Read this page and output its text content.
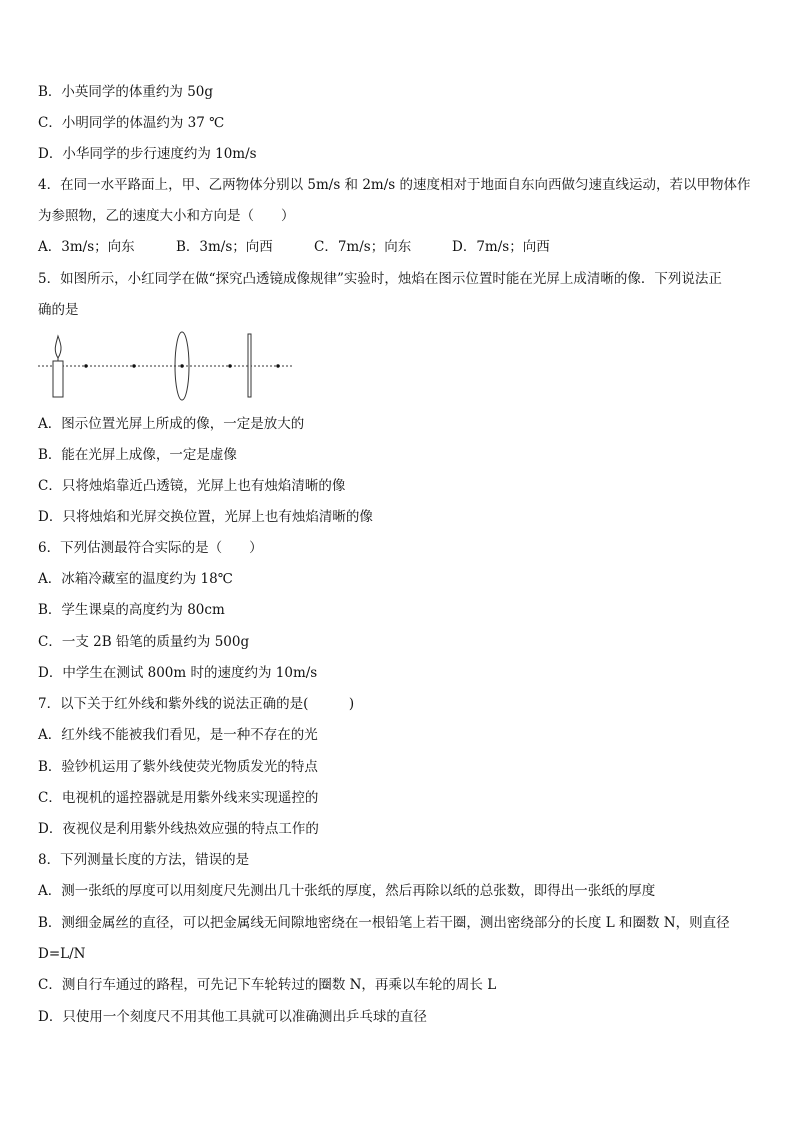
B．小英同学的体重约为 50g
C．小明同学的体温约为 37 ℃
D．小华同学的步行速度约为 10m/s
4．在同一水平路面上，甲、乙两物体分别以 5m/s 和 2m/s 的速度相对于地面自东向西做匀速直线运动，若以甲物体作
为参照物，乙的速度大小和方向是（　　）
A．3m/s；向东	B．3m/s；向西	C．7m/s；向东	D．7m/s；向西
5．如图所示，小红同学在做“探究凸透镜成像规律”实验时，烛焰在图示位置时能在光屏上成清晰的像．下列说法正
确的是
A．图示位置光屏上所成的像，一定是放大的
B．能在光屏上成像，一定是虚像
C．只将烛焰靠近凸透镜，光屏上也有烛焰清晰的像
D．只将烛焰和光屏交换位置，光屏上也有烛焰清晰的像
6．下列估测最符合实际的是（　　）
A．冰箱冷藏室的温度约为 18℃
B．学生课桌的高度约为 80cm
C．一支 2B 铅笔的质量约为 500g
D．中学生在测试 800m 时的速度约为 10m/s
7．以下关于红外线和紫外线的说法正确的是(　　　)
A．红外线不能被我们看见，是一种不存在的光
B．验钞机运用了紫外线使荧光物质发光的特点
C．电视机的遥控器就是用紫外线来实现遥控的
D．夜视仪是利用紫外线热效应强的特点工作的
8．下列测量长度的方法，错误的是
A．测一张纸的厚度可以用刻度尺先测出几十张纸的厚度，然后再除以纸的总张数，即得出一张纸的厚度
B．测细金属丝的直径，可以把金属线无间隙地密绕在一根铅笔上若干圈，测出密绕部分的长度 L 和圈数 N，则直径
D=L/N
C．测自行车通过的路程，可先记下车轮转过的圈数 N，再乘以车轮的周长 L
D．只使用一个刻度尺不用其他工具就可以准确测出乒乓球的直径
